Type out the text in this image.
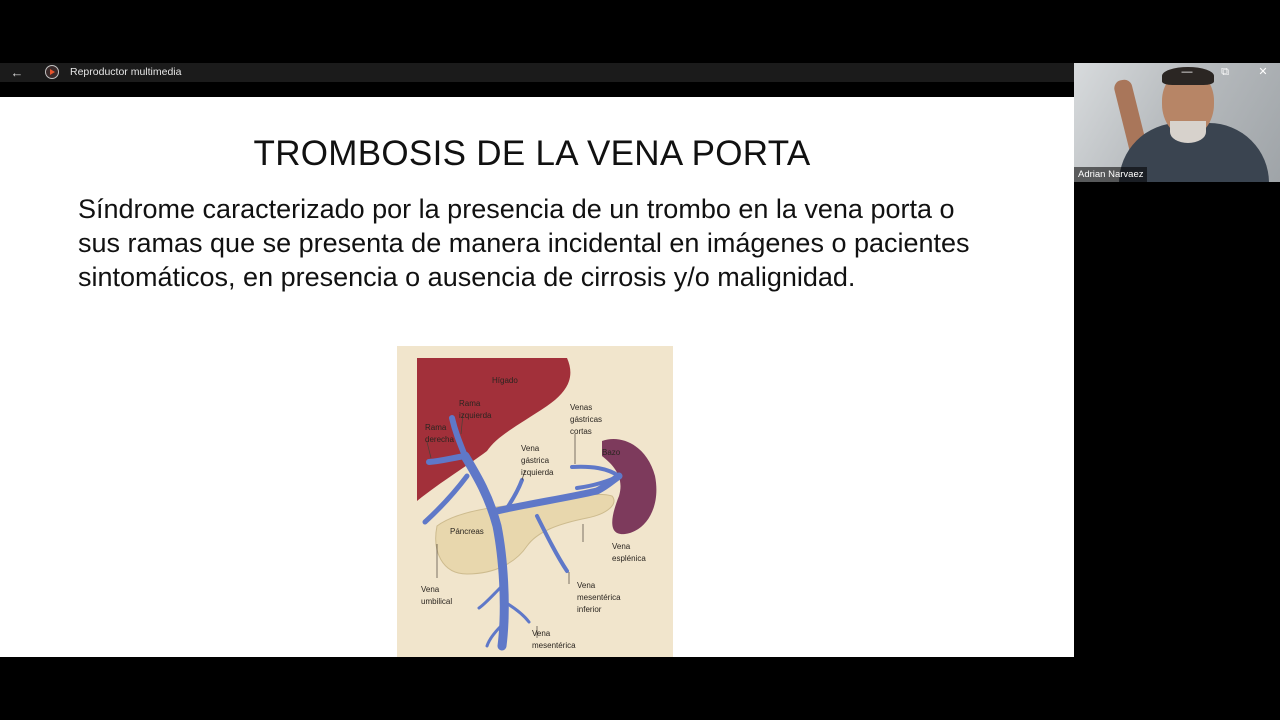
←	Reproductor multimedia
TROMBOSIS DE LA VENA PORTA
Síndrome caracterizado por la presencia de un trombo en la vena porta o sus ramas que se presenta de manera incidental en imágenes o pacientes sintomáticos, en presencia o ausencia de cirrosis y/o malignidad.
Hígado
Rama
izquierda
Rama
derecha
Venas
gástricas
cortas
Bazo
Vena
gástrica
izquierda
Páncreas
Vena
esplénica
Vena
umbilical
Vena
mesentérica
inferior
Vena
mesentérica
Adrian Narvaez
—	⧉	✕
